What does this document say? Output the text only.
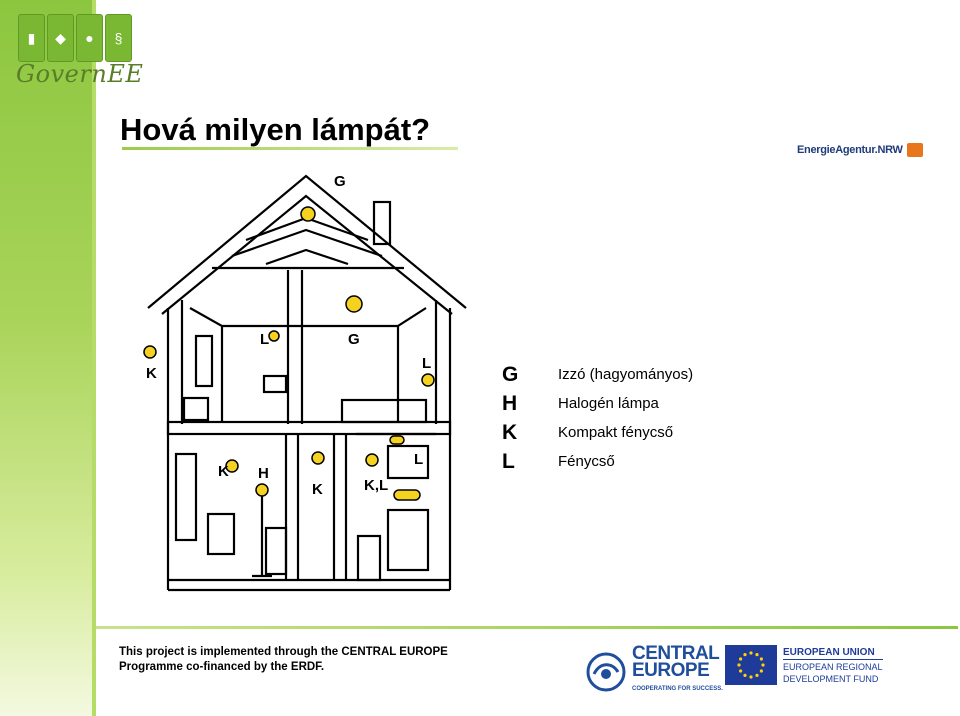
▮	◆	●	§
GovernEE
Hová milyen lámpát?
EnergieAgentur.NRW
G
L	G
L
K
K H
K	K,L
L
G	Izzó (hagyományos)
H	Halogén lámpa
K	Kompakt fénycső
L	Fénycső
This project is implemented through the CENTRAL EUROPE
Programme co-financed by the ERDF.
CENTRAL
EUROPE
COOPERATING FOR SUCCESS.
EUROPEAN UNION
EUROPEAN REGIONAL
DEVELOPMENT FUND
